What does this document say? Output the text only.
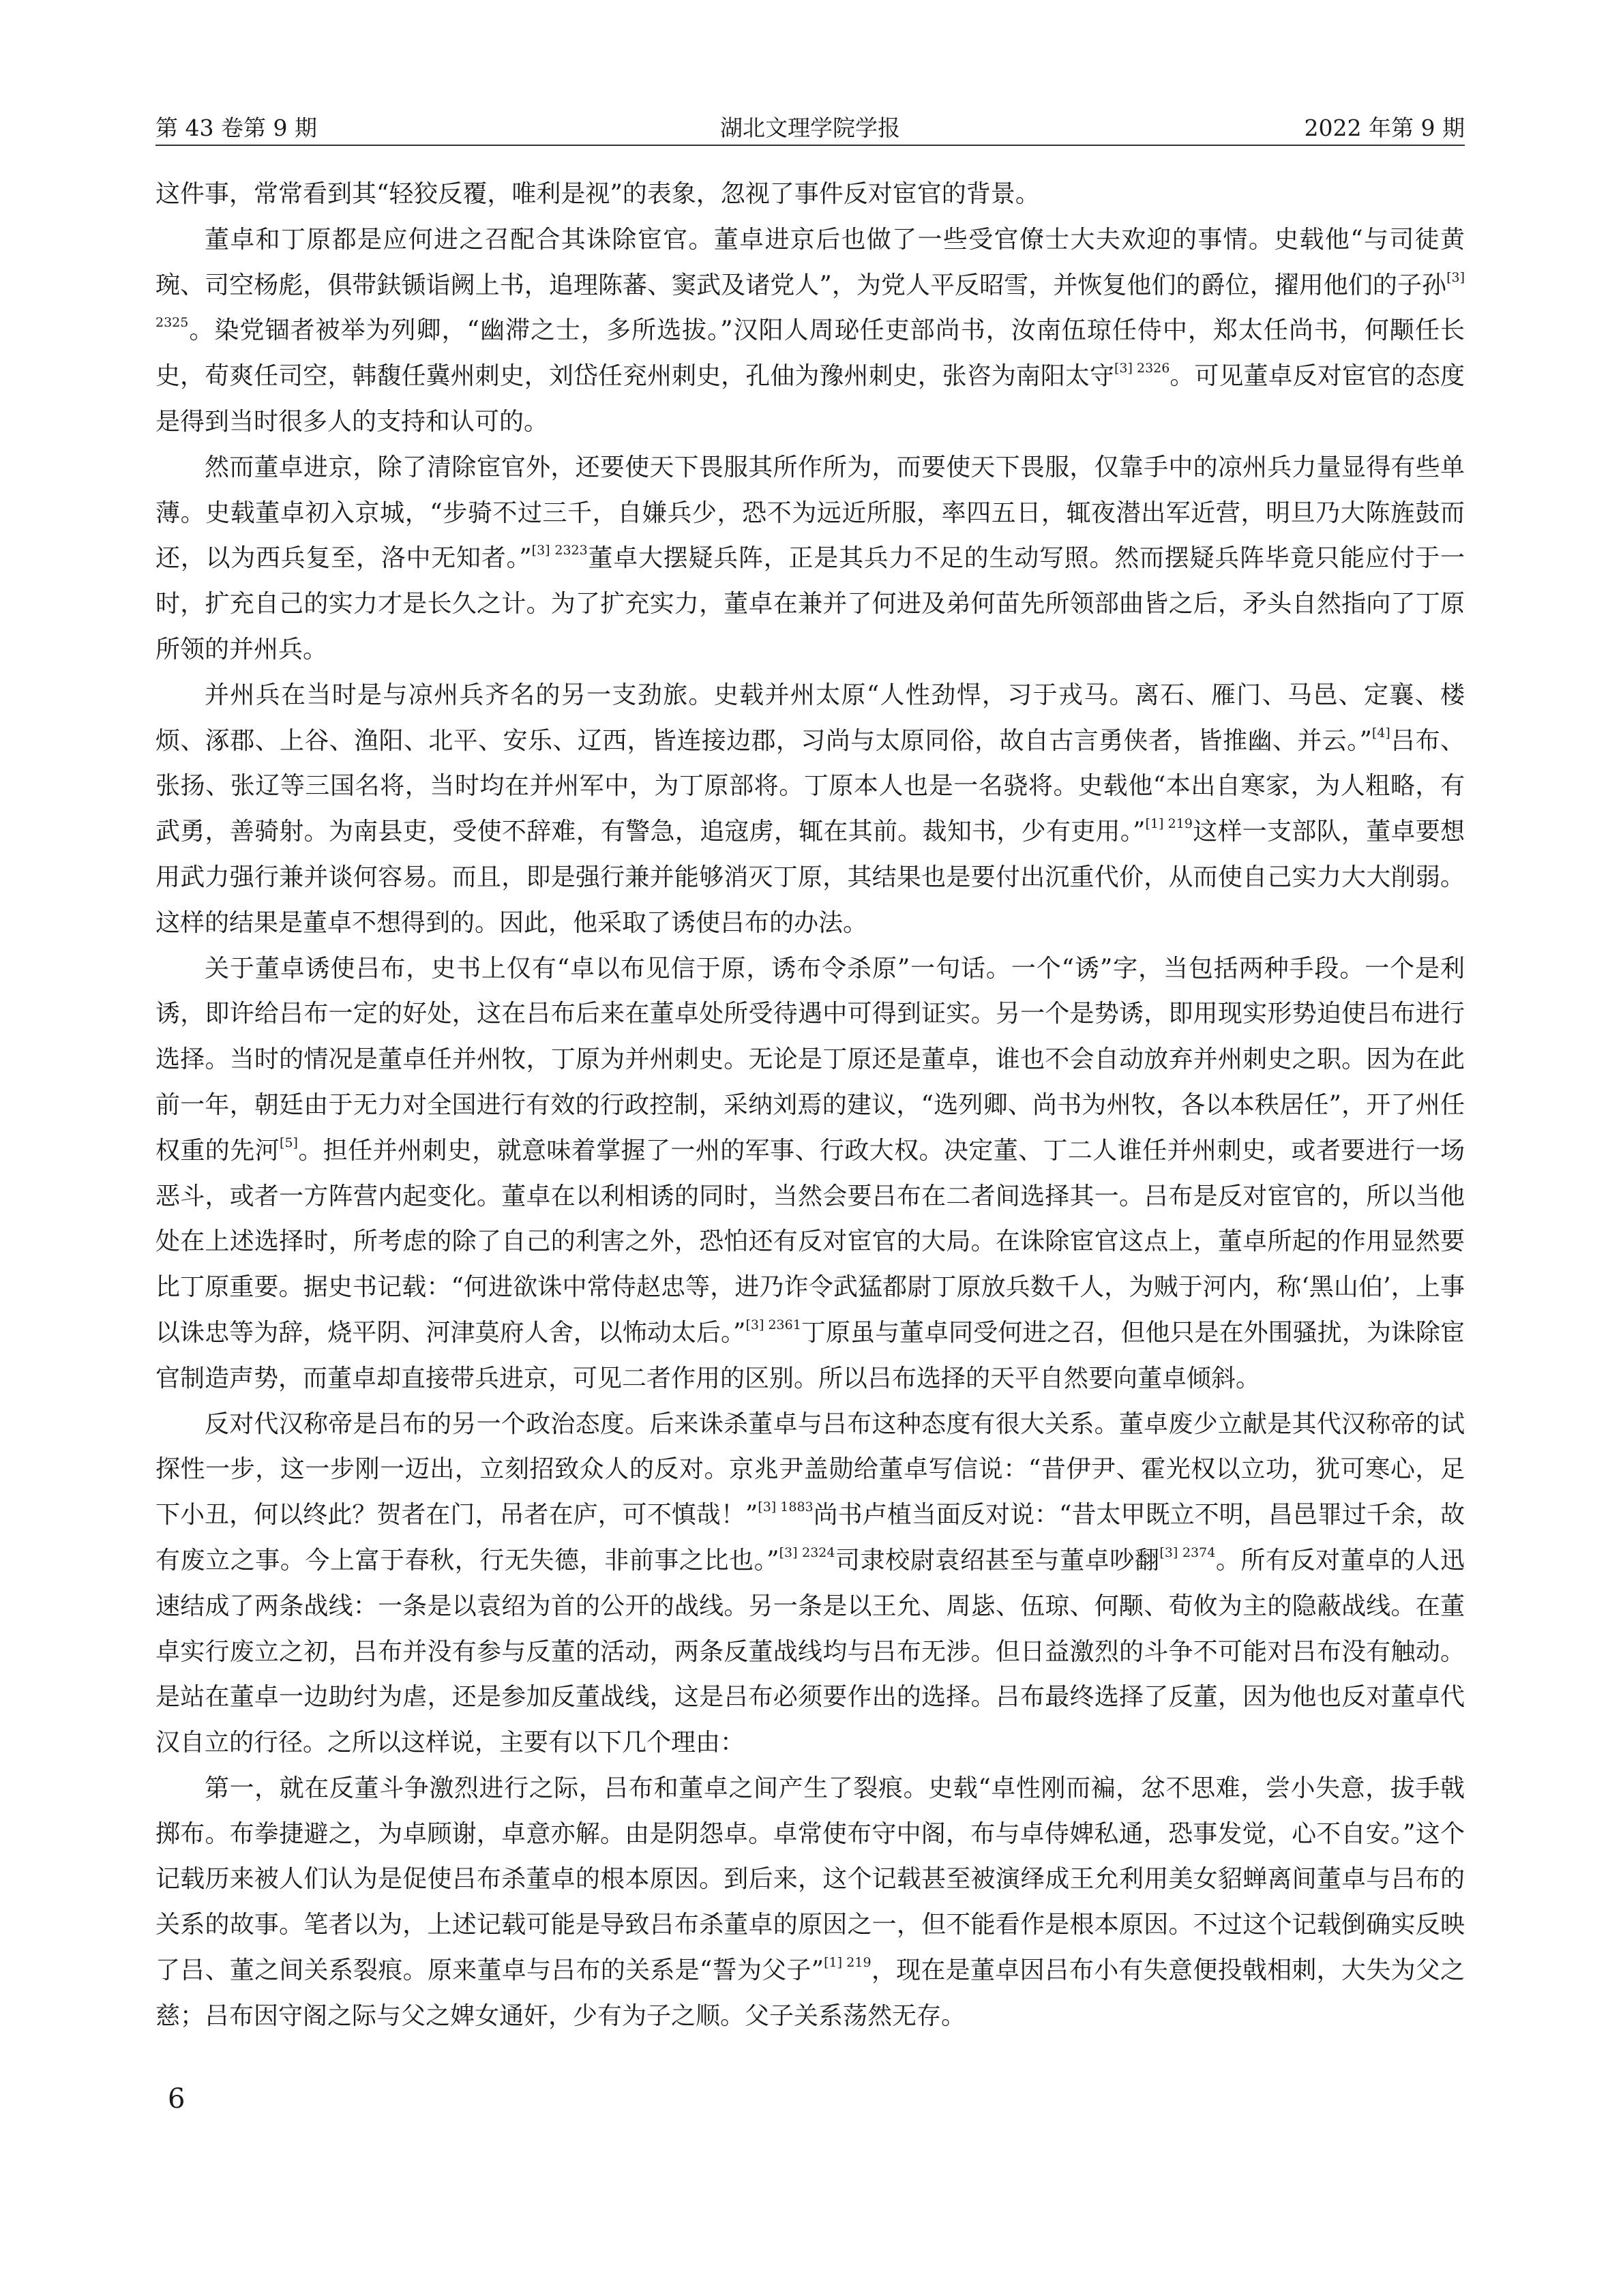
第 43 卷第 9 期	湖北文理学院学报	2022 年第 9 期

这件事，常常看到其“轻狡反覆，唯利是视”的表象，忽视了事件反对宦官的背景。

董卓和丁原都是应何进之召配合其诛除宦官。董卓进京后也做了一些受官僚士大夫欢迎的事情。史载他“与司徒黄琬、司空杨彪，俱带鈇锧诣阙上书，追理陈蕃、窦武及诸党人”，为党人平反昭雪，并恢复他们的爵位，擢用他们的子孙$^{[3] 2325}$。染党锢者被举为列卿，“幽滞之士，多所选拔。”汉阳人周珌任吏部尚书，汝南伍琼任侍中，郑太任尚书，何颙任长史，荀爽任司空，韩馥任冀州刺史，刘岱任兖州刺史，孔伷为豫州刺史，张咨为南阳太守$^{[3] 2326}$。可见董卓反对宦官的态度是得到当时很多人的支持和认可的。

然而董卓进京，除了清除宦官外，还要使天下畏服其所作所为，而要使天下畏服，仅靠手中的凉州兵力量显得有些单薄。史载董卓初入京城，“步骑不过三千，自嫌兵少，恐不为远近所服，率四五日，辄夜潜出军近营，明旦乃大陈旌鼓而还，以为西兵复至，洛中无知者。”$^{[3] 2323}$董卓大摆疑兵阵，正是其兵力不足的生动写照。然而摆疑兵阵毕竟只能应付于一时，扩充自己的实力才是长久之计。为了扩充实力，董卓在兼并了何进及弟何苗先所领部曲皆之后，矛头自然指向了丁原所领的并州兵。

并州兵在当时是与凉州兵齐名的另一支劲旅。史载并州太原“人性劲悍，习于戎马。离石、雁门、马邑、定襄、楼烦、涿郡、上谷、渔阳、北平、安乐、辽西，皆连接边郡，习尚与太原同俗，故自古言勇侠者，皆推幽、并云。”[4]吕布、张扬、张辽等三国名将，当时均在并州军中，为丁原部将。丁原本人也是一名骁将。史载他“本出自寒家，为人粗略，有武勇，善骑射。为南县吏，受使不辞难，有警急，追寇虏，辄在其前。裁知书，少有吏用。”$^{[1] 219}$这样一支部队，董卓要想用武力强行兼并谈何容易。而且，即是强行兼并能够消灭丁原，其结果也是要付出沉重代价，从而使自己实力大大削弱。这样的结果是董卓不想得到的。因此，他采取了诱使吕布的办法。

关于董卓诱使吕布，史书上仅有“卓以布见信于原，诱布令杀原”一句话。一个“诱”字，当包括两种手段。一个是利诱，即许给吕布一定的好处，这在吕布后来在董卓处所受待遇中可得到证实。另一个是势诱，即用现实形势迫使吕布进行选择。当时的情况是董卓任并州牧，丁原为并州刺史。无论是丁原还是董卓，谁也不会自动放弃并州刺史之职。因为在此前一年，朝廷由于无力对全国进行有效的行政控制，采纳刘焉的建议，“选列卿、尚书为州牧，各以本秩居任”，开了州任权重的先河[5]。担任并州刺史，就意味着掌握了一州的军事、行政大权。决定董、丁二人谁任并州刺史，或者要进行一场恶斗，或者一方阵营内起变化。董卓在以利相诱的同时，当然会要吕布在二者间选择其一。吕布是反对宦官的，所以当他处在上述选择时，所考虑的除了自己的利害之外，恐怕还有反对宦官的大局。在诛除宦官这点上，董卓所起的作用显然要比丁原重要。据史书记载：“何进欲诛中常侍赵忠等，进乃诈令武猛都尉丁原放兵数千人，为贼于河内，称‘黑山伯’，上事以诛忠等为辞，烧平阴、河津莫府人舍，以怖动太后。”$^{[3] 2361}$丁原虽与董卓同受何进之召，但他只是在外围骚扰，为诛除宦官制造声势，而董卓却直接带兵进京，可见二者作用的区别。所以吕布选择的天平自然要向董卓倾斜。

反对代汉称帝是吕布的另一个政治态度。后来诛杀董卓与吕布这种态度有很大关系。董卓废少立献是其代汉称帝的试探性一步，这一步刚一迈出，立刻招致众人的反对。京兆尹盖勋给董卓写信说：“昔伊尹、霍光权以立功，犹可寒心，足下小丑，何以终此？贺者在门，吊者在庐，可不慎哉！”$^{[3] 1883}$尚书卢植当面反对说：“昔太甲既立不明，昌邑罪过千余，故有废立之事。今上富于春秋，行无失德，非前事之比也。”$^{[3] 2324}$司隶校尉袁绍甚至与董卓吵翻$^{[3] 2374}$。所有反对董卓的人迅速结成了两条战线：一条是以袁绍为首的公开的战线。另一条是以王允、周毖、伍琼、何颙、荀攸为主的隐蔽战线。在董卓实行废立之初，吕布并没有参与反董的活动，两条反董战线均与吕布无涉。但日益激烈的斗争不可能对吕布没有触动。是站在董卓一边助纣为虐，还是参加反董战线，这是吕布必须要作出的选择。吕布最终选择了反董，因为他也反对董卓代汉自立的行径。之所以这样说，主要有以下几个理由：

第一，就在反董斗争激烈进行之际，吕布和董卓之间产生了裂痕。史载“卓性刚而褊，忿不思难，尝小失意，拔手戟掷布。布拳捷避之，为卓顾谢，卓意亦解。由是阴怨卓。卓常使布守中阁，布与卓侍婢私通，恐事发觉，心不自安。”这个记载历来被人们认为是促使吕布杀董卓的根本原因。到后来，这个记载甚至被演绎成王允利用美女貂蝉离间董卓与吕布的关系的故事。笔者以为，上述记载可能是导致吕布杀董卓的原因之一，但不能看作是根本原因。不过这个记载倒确实反映了吕、董之间关系裂痕。原来董卓与吕布的关系是“誓为父子”$^{[1] 219}$，现在是董卓因吕布小有失意便投戟相刺，大失为父之慈；吕布因守阁之际与父之婢女通奸，少有为子之顺。父子关系荡然无存。

6
